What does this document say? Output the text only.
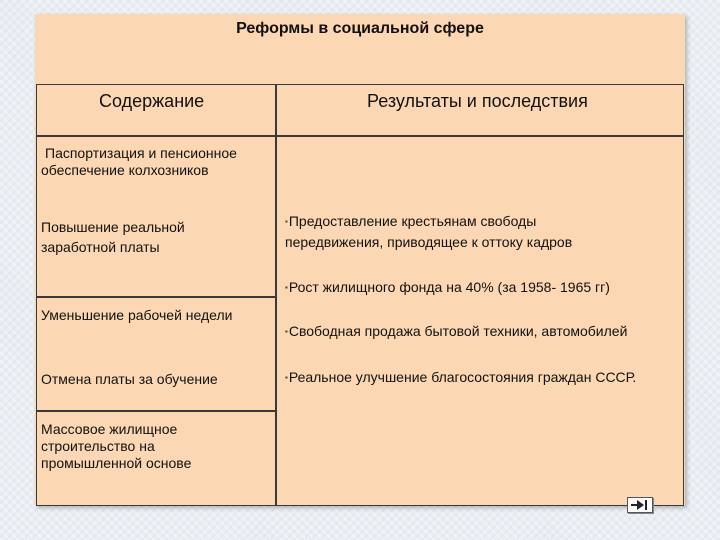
Реформы в социальной сфере
Содержание	Результаты и последствия
Паспортизация и пенсионное обеспечение колхозников
Повышение реальной заработной платы
Уменьшение рабочей недели
Отмена платы за обучение
Массовое жилищное строительство на промышленной основе
▪Предоставление крестьянам свободы передвижения, приводящее к оттоку кадров
▪Рост жилищного фонда на 40% (за 1958- 1965 гг)
▪Свободная продажа бытовой техники, автомобилей
▪Реальное улучшение благосостояния граждан СССР.
